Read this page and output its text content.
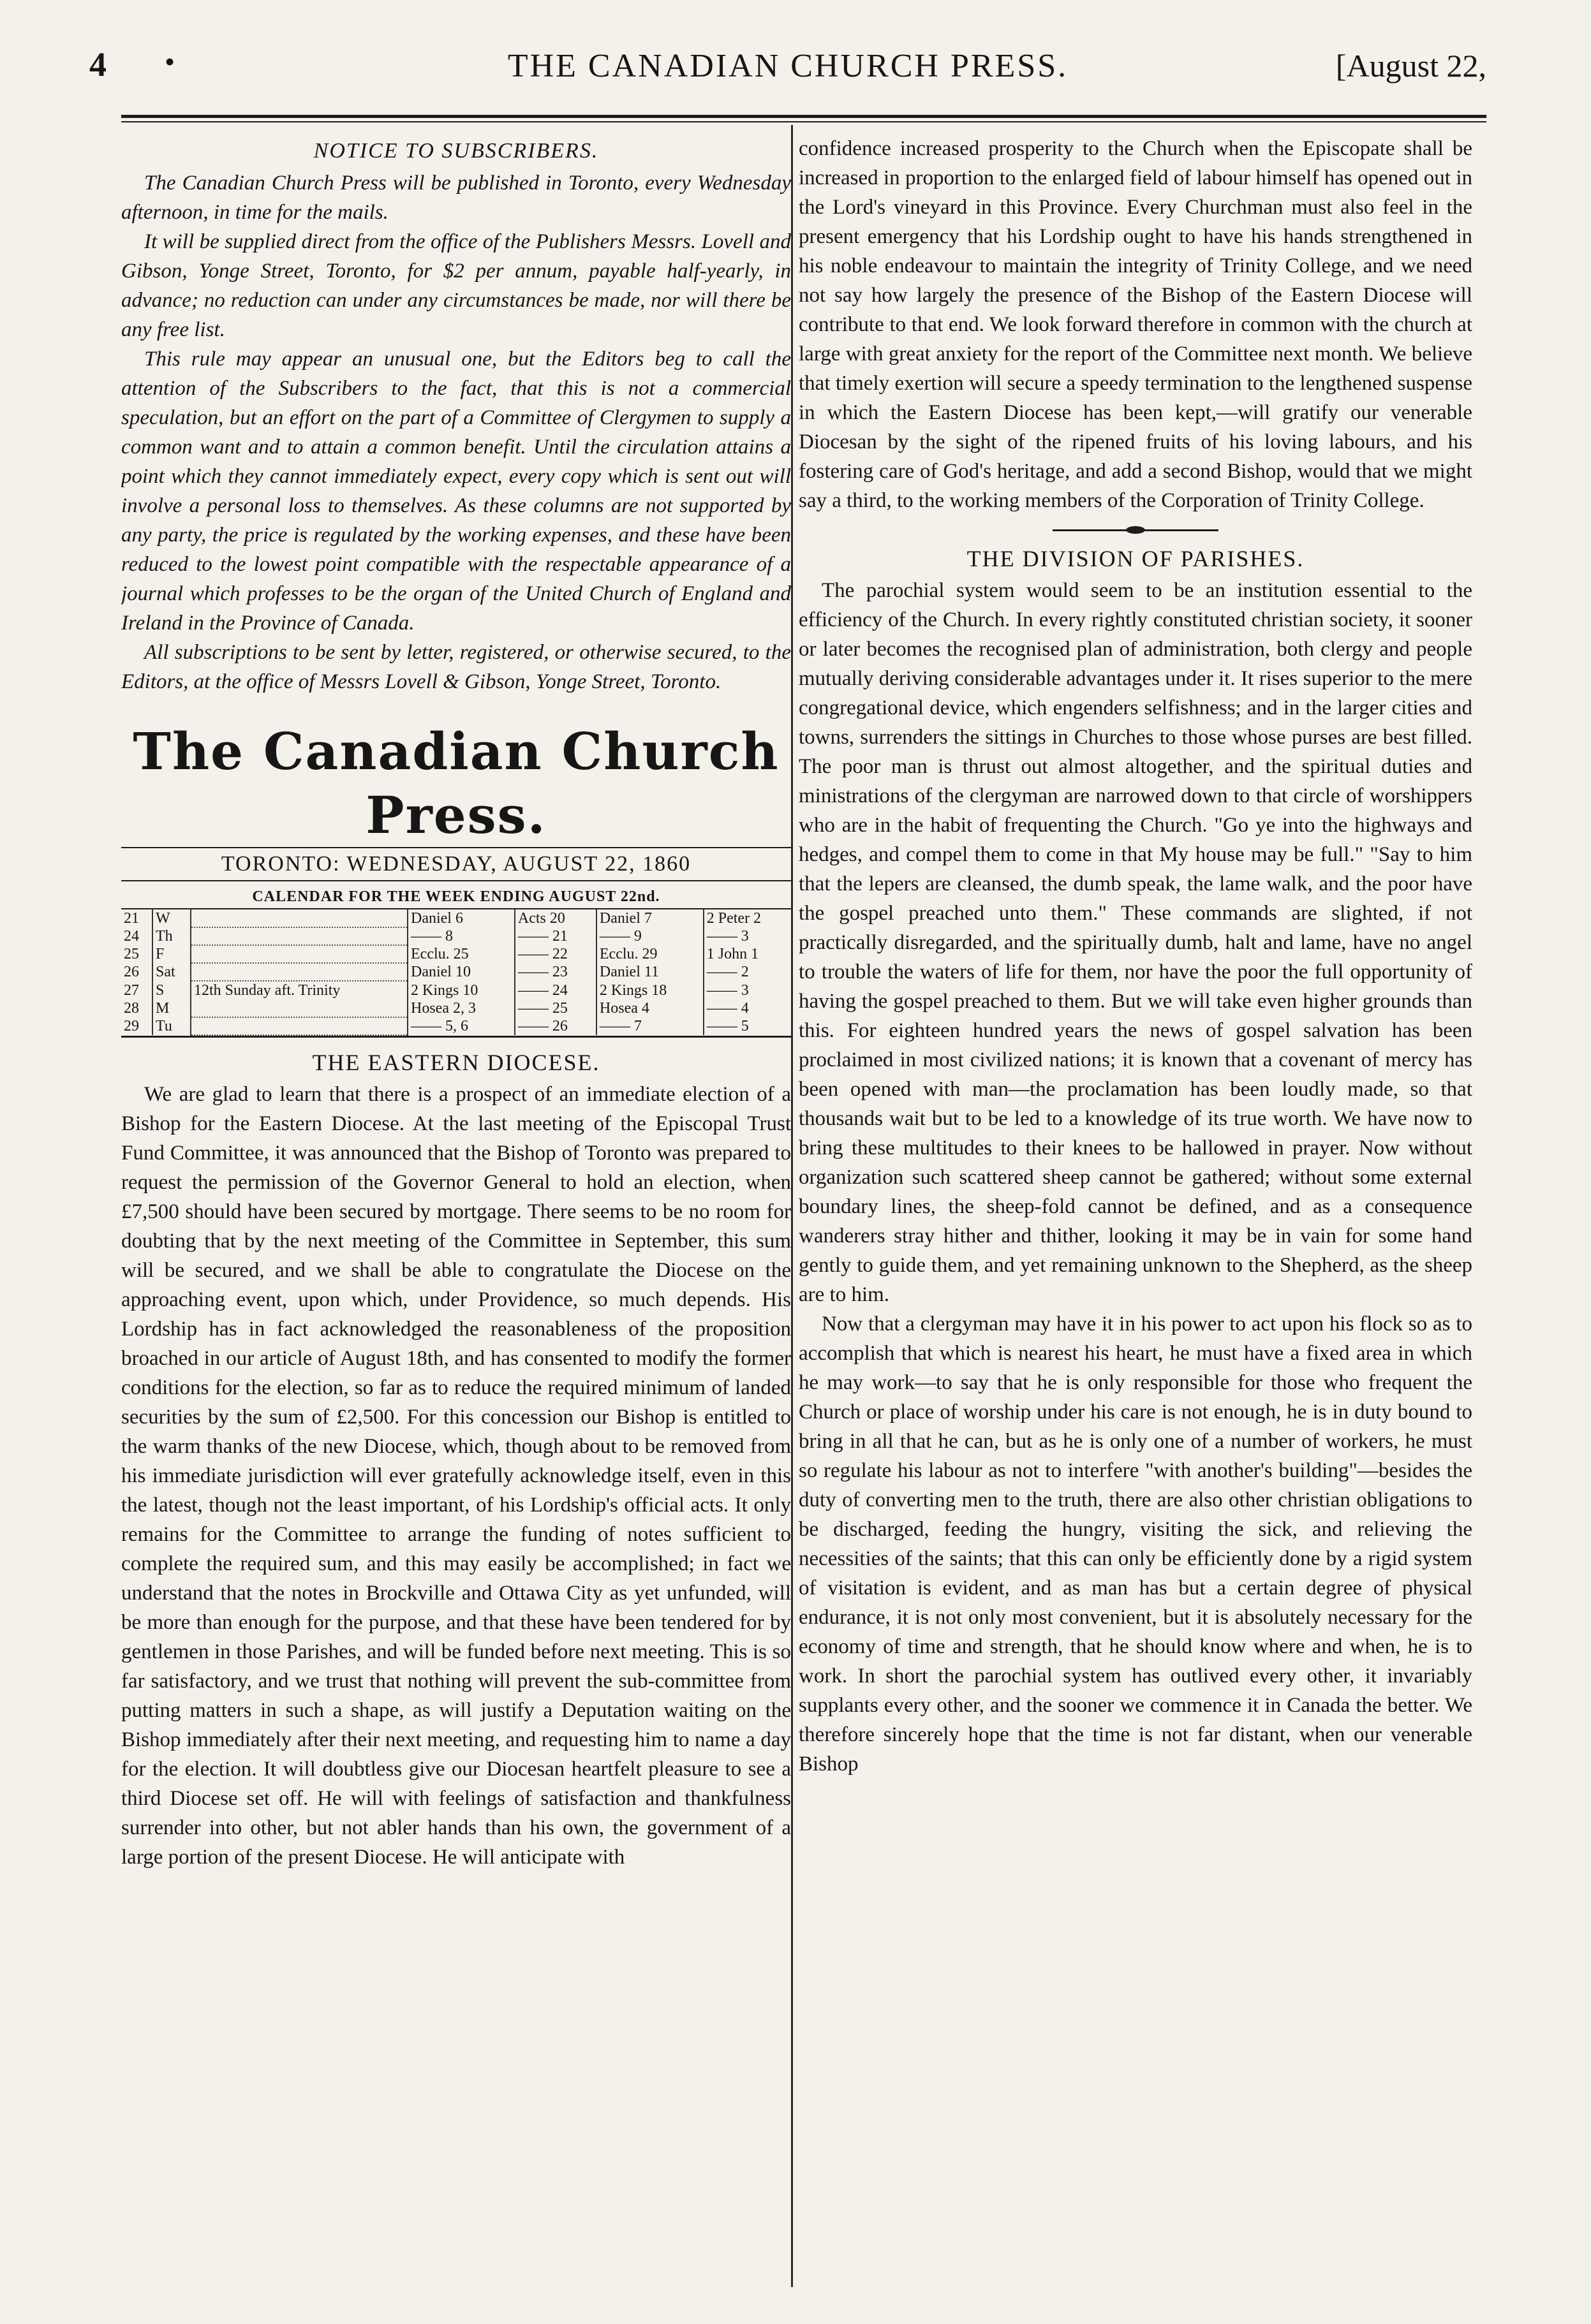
4 •	THE CANADIAN CHURCH PRESS.	[August 22,
NOTICE TO SUBSCRIBERS.

The Canadian Church Press will be published in Toronto, every Wednesday afternoon, in time for the mails.

It will be supplied direct from the office of the Publishers Messrs. Lovell and Gibson, Yonge Street, Toronto, for $2 per annum, payable half-yearly, in advance; no reduction can under any circumstances be made, nor will there be any free list.

This rule may appear an unusual one, but the Editors beg to call the attention of the Subscribers to the fact, that this is not a commercial speculation, but an effort on the part of a Committee of Clergymen to supply a common want and to attain a common benefit. Until the circulation attains a point which they cannot immediately expect, every copy which is sent out will involve a personal loss to themselves. As these columns are not supported by any party, the price is regulated by the working expenses, and these have been reduced to the lowest point compatible with the respectable appearance of a journal which professes to be the organ of the United Church of England and Ireland in the Province of Canada.

All subscriptions to be sent by letter, registered, or otherwise secured, to the Editors, at the office of Messrs Lovell & Gibson, Yonge Street, Toronto.

The Canadian Church Press.
TORONTO: WEDNESDAY, AUGUST 22, 1860
CALENDAR FOR THE WEEK ENDING AUGUST 22nd.
21	W		Daniel 6	Acts 20	Daniel 7	2 Peter 2
24	Th		—— 8	—— 21	—— 9	—— 3
25	F		Ecclu. 25	—— 22	Ecclu. 29	1 John 1
26	Sat		Daniel 10	—— 23	Daniel 11	—— 2
27	S	12th Sunday aft. Trinity	2 Kings 10	—— 24	2 Kings 18	—— 3
28	M		Hosea 2, 3	—— 25	Hosea 4	—— 4
29	Tu		—— 5, 6	—— 26	—— 7	—— 5
THE EASTERN DIOCESE.

We are glad to learn that there is a prospect of an immediate election of a Bishop for the Eastern Diocese. At the last meeting of the Episcopal Trust Fund Committee, it was announced that the Bishop of Toronto was prepared to request the permission of the Governor General to hold an election, when £7,500 should have been secured by mortgage. There seems to be no room for doubting that by the next meeting of the Committee in September, this sum will be secured, and we shall be able to congratulate the Diocese on the approaching event, upon which, under Providence, so much depends. His Lordship has in fact acknowledged the reasonableness of the proposition broached in our article of August 18th, and has consented to modify the former conditions for the election, so far as to reduce the required minimum of landed securities by the sum of £2,500. For this concession our Bishop is entitled to the warm thanks of the new Diocese, which, though about to be removed from his immediate jurisdiction will ever gratefully acknowledge itself, even in this the latest, though not the least important, of his Lordship's official acts. It only remains for the Committee to arrange the funding of notes sufficient to complete the required sum, and this may easily be accomplished; in fact we understand that the notes in Brockville and Ottawa City as yet unfunded, will be more than enough for the purpose, and that these have been tendered for by gentlemen in those Parishes, and will be funded before next meeting. This is so far satisfactory, and we trust that nothing will prevent the sub-committee from putting matters in such a shape, as will justify a Deputation waiting on the Bishop immediately after their next meeting, and requesting him to name a day for the election. It will doubtless give our Diocesan heartfelt pleasure to see a third Diocese set off. He will with feelings of satisfaction and thankfulness surrender into other, but not abler hands than his own, the government of a large portion of the present Diocese. He will anticipate with

confidence increased prosperity to the Church when the Episcopate shall be increased in proportion to the enlarged field of labour himself has opened out in the Lord's vineyard in this Province. Every Churchman must also feel in the present emergency that his Lordship ought to have his hands strengthened in his noble endeavour to maintain the integrity of Trinity College, and we need not say how largely the presence of the Bishop of the Eastern Diocese will contribute to that end. We look forward therefore in common with the church at large with great anxiety for the report of the Committee next month. We believe that timely exertion will secure a speedy termination to the lengthened suspense in which the Eastern Diocese has been kept,—will gratify our venerable Diocesan by the sight of the ripened fruits of his loving labours, and his fostering care of God's heritage, and add a second Bishop, would that we might say a third, to the working members of the Corporation of Trinity College.

THE DIVISION OF PARISHES.

The parochial system would seem to be an institution essential to the efficiency of the Church. In every rightly constituted christian society, it sooner or later becomes the recognised plan of administration, both clergy and people mutually deriving considerable advantages under it. It rises superior to the mere congregational device, which engenders selfishness; and in the larger cities and towns, surrenders the sittings in Churches to those whose purses are best filled. The poor man is thrust out almost altogether, and the spiritual duties and ministrations of the clergyman are narrowed down to that circle of worshippers who are in the habit of frequenting the Church. "Go ye into the highways and hedges, and compel them to come in that My house may be full." "Say to him that the lepers are cleansed, the dumb speak, the lame walk, and the poor have the gospel preached unto them." These commands are slighted, if not practically disregarded, and the spiritually dumb, halt and lame, have no angel to trouble the waters of life for them, nor have the poor the full opportunity of having the gospel preached to them. But we will take even higher grounds than this. For eighteen hundred years the news of gospel salvation has been proclaimed in most civilized nations; it is known that a covenant of mercy has been opened with man—the proclamation has been loudly made, so that thousands wait but to be led to a knowledge of its true worth. We have now to bring these multitudes to their knees to be hallowed in prayer. Now without organization such scattered sheep cannot be gathered; without some external boundary lines, the sheep-fold cannot be defined, and as a consequence wanderers stray hither and thither, looking it may be in vain for some hand gently to guide them, and yet remaining unknown to the Shepherd, as the sheep are to him.

Now that a clergyman may have it in his power to act upon his flock so as to accomplish that which is nearest his heart, he must have a fixed area in which he may work—to say that he is only responsible for those who frequent the Church or place of worship under his care is not enough, he is in duty bound to bring in all that he can, but as he is only one of a number of workers, he must so regulate his labour as not to interfere "with another's building"—besides the duty of converting men to the truth, there are also other christian obligations to be discharged, feeding the hungry, visiting the sick, and relieving the necessities of the saints; that this can only be efficiently done by a rigid system of visitation is evident, and as man has but a certain degree of physical endurance, it is not only most convenient, but it is absolutely necessary for the economy of time and strength, that he should know where and when, he is to work. In short the parochial system has outlived every other, it invariably supplants every other, and the sooner we commence it in Canada the better. We therefore sincerely hope that the time is not far distant, when our venerable Bishop
